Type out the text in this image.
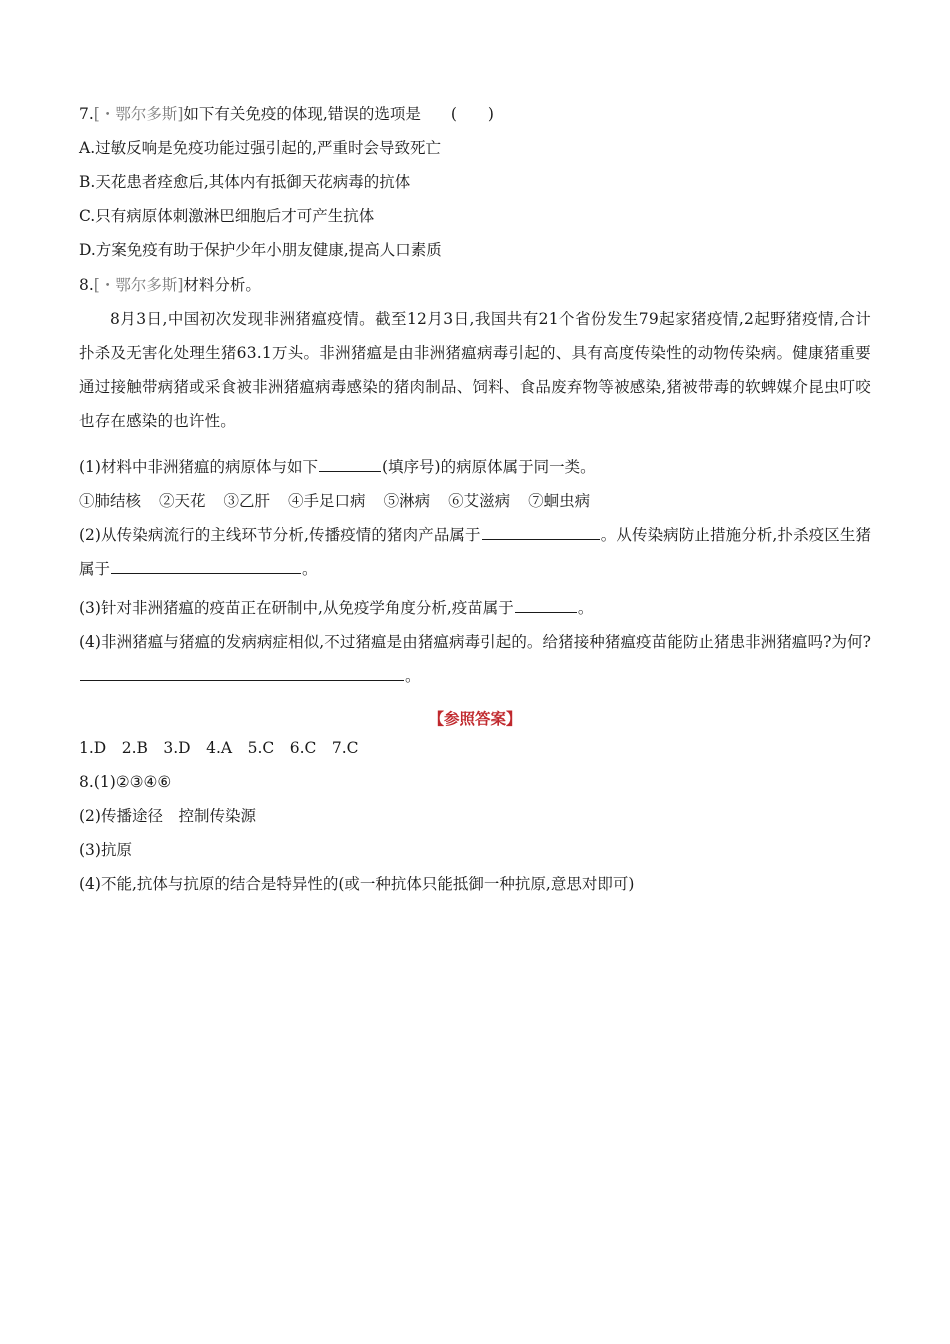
7.[・鄂尔多斯]如下有关免疫的体现,错误的选项是 (　　)
A.过敏反响是免疫功能过强引起的,严重时会导致死亡
B.天花患者痊愈后,其体内有抵御天花病毒的抗体
C.只有病原体刺激淋巴细胞后才可产生抗体
D.方案免疫有助于保护少年小朋友健康,提高人口素质
8.[・鄂尔多斯]材料分析。
8月3日,中国初次发现非洲猪瘟疫情。截至12月3日,我国共有21个省份发生79起家猪疫情,2起野猪疫情,合计扑杀及无害化处理生猪63.1万头。非洲猪瘟是由非洲猪瘟病毒引起的、具有高度传染性的动物传染病。健康猪重要通过接触带病猪或采食被非洲猪瘟病毒感染的猪肉制品、饲料、食品废弃物等被感染,猪被带毒的软蜱媒介昆虫叮咬也存在感染的也许性。
(1)材料中非洲猪瘟的病原体与如下	(填序号)的病原体属于同一类。
①肺结核 ②天花 ③乙肝 ④手足口病 ⑤淋病 ⑥艾滋病 ⑦蛔虫病
(2)从传染病流行的主线环节分析,传播疫情的猪肉产品属于	。从传染病防止措施分析,扑杀疫区生猪属于	。
(3)针对非洲猪瘟的疫苗正在研制中,从免疫学角度分析,疫苗属于	。
(4)非洲猪瘟与猪瘟的发病病症相似,不过猪瘟是由猪瘟病毒引起的。给猪接种猪瘟疫苗能防止猪患非洲猪瘟吗?为何?。
【参照答案】
1.D　2.B　3.D　4.A　5.C　6.C　7.C
8.(1)②③④⑥
(2)传播途径　控制传染源
(3)抗原
(4)不能,抗体与抗原的结合是特异性的(或一种抗体只能抵御一种抗原,意思对即可)
